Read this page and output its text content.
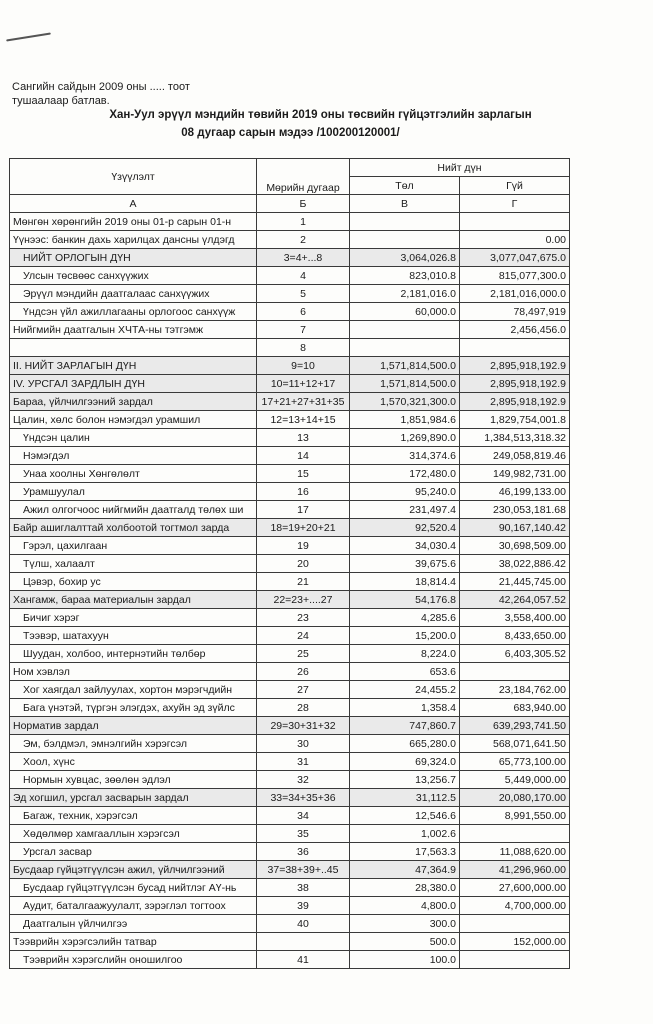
Сангийн сайдын 2009 оны ..... тоот
тушаалаар батлав.
Хан-Уул эрүүл мэндийн төвийн 2019 оны төсвийн гүйцэтгэлийн зарлагын
08 дугаар сарын мэдээ /100200120001/
Үзүүлэлт	Мөрийн дугаар	Нийт дүн	
		Төл	Гүй
А	Б	В	Г
Мөнгөн хөрөнгийн 2019 оны 01-р сарын 01-н	1		
Үүнээс: банкин дахь харилцах дансны үлдэгд	2		0.00
НИЙТ ОРЛОГЫН ДҮН	3=4+...8	3,064,026.8	3,077,047,675.0
Улсын төсвөөс санхүүжих	4	823,010.8	815,077,300.0
Эрүүл мэндийн даатгалаас санхүүжих	5	2,181,016.0	2,181,016,000.0
Үндсэн үйл ажиллагааны орлогоос санхүүж	6	60,000.0	78,497,919
Нийгмийн даатгалын ХЧТА-ны тэтгэмж	7		2,456,456.0
	8		
II. НИЙТ ЗАРЛАГЫН ДҮН	9=10	1,571,814,500.0	2,895,918,192.9
IV. УРСГАЛ ЗАРДЛЫН ДҮН	10=11+12+17	1,571,814,500.0	2,895,918,192.9
Бараа, үйлчилгээний зардал	17+21+27+31+35	1,570,321,300.0	2,895,918,192.9
Цалин, хөлс болон нэмэгдэл урамшил	12=13+14+15	1,851,984.6	1,829,754,001.8
Үндсэн цалин	13	1,269,890.0	1,384,513,318.32
Нэмэгдэл	14	314,374.6	249,058,819.46
Унаа хоолны Хөнгөлөлт	15	172,480.0	149,982,731.00
Урамшуулал	16	95,240.0	46,199,133.00
Ажил олгогчоос нийгмийн даатгалд төлөх ши	17	231,497.4	230,053,181.68
Байр ашиглалттай холбоотой тогтмол зарда	18=19+20+21	92,520.4	90,167,140.42
Гэрэл, цахилгаан	19	34,030.4	30,698,509.00
Түлш, халаалт	20	39,675.6	38,022,886.42
Цэвэр, бохир ус	21	18,814.4	21,445,745.00
Хангамж, бараа материалын зардал	22=23+....27	54,176.8	42,264,057.52
Бичиг хэрэг	23	4,285.6	3,558,400.00
Тээвэр, шатахуун	24	15,200.0	8,433,650.00
Шуудан, холбоо, интернэтийн төлбөр	25	8,224.0	6,403,305.52
Ном хэвлэл	26	653.6	
Хог хаягдал зайлуулах, хортон мэрэгчдийн	27	24,455.2	23,184,762.00
Бага үнэтэй, түргэн элэгдэх, ахуйн эд зүйлс	28	1,358.4	683,940.00
Норматив зардал	29=30+31+32	747,860.7	639,293,741.50
Эм, бэлдмэл, эмнэлгийн хэрэгсэл	30	665,280.0	568,071,641.50
Хоол, хүнс	31	69,324.0	65,773,100.00
Нормын хувцас, зөөлөн эдлэл	32	13,256.7	5,449,000.00
Эд хогшил, урсгал засварын зардал	33=34+35+36	31,112.5	20,080,170.00
Багаж, техник, хэрэгсэл	34	12,546.6	8,991,550.00
Хөдөлмөр хамгааллын хэрэгсэл	35	1,002.6	
Урсгал засвар	36	17,563.3	11,088,620.00
Бусдаар гүйцэтгүүлсэн ажил, үйлчилгээний	37=38+39+..45	47,364.9	41,296,960.00
Бусдаар гүйцэтгүүлсэн бусад нийтлэг АҮ-нь	38	28,380.0	27,600,000.00
Аудит, баталгаажуулалт, зэрэглэл тогтоох	39	4,800.0	4,700,000.00
Даатгалын үйлчилгээ	40	300.0	
Тээврийн хэрэгсэлийн татвар		500.0	152,000.00
Тээврийн хэрэгслийн оношилгоо	41	100.0	
